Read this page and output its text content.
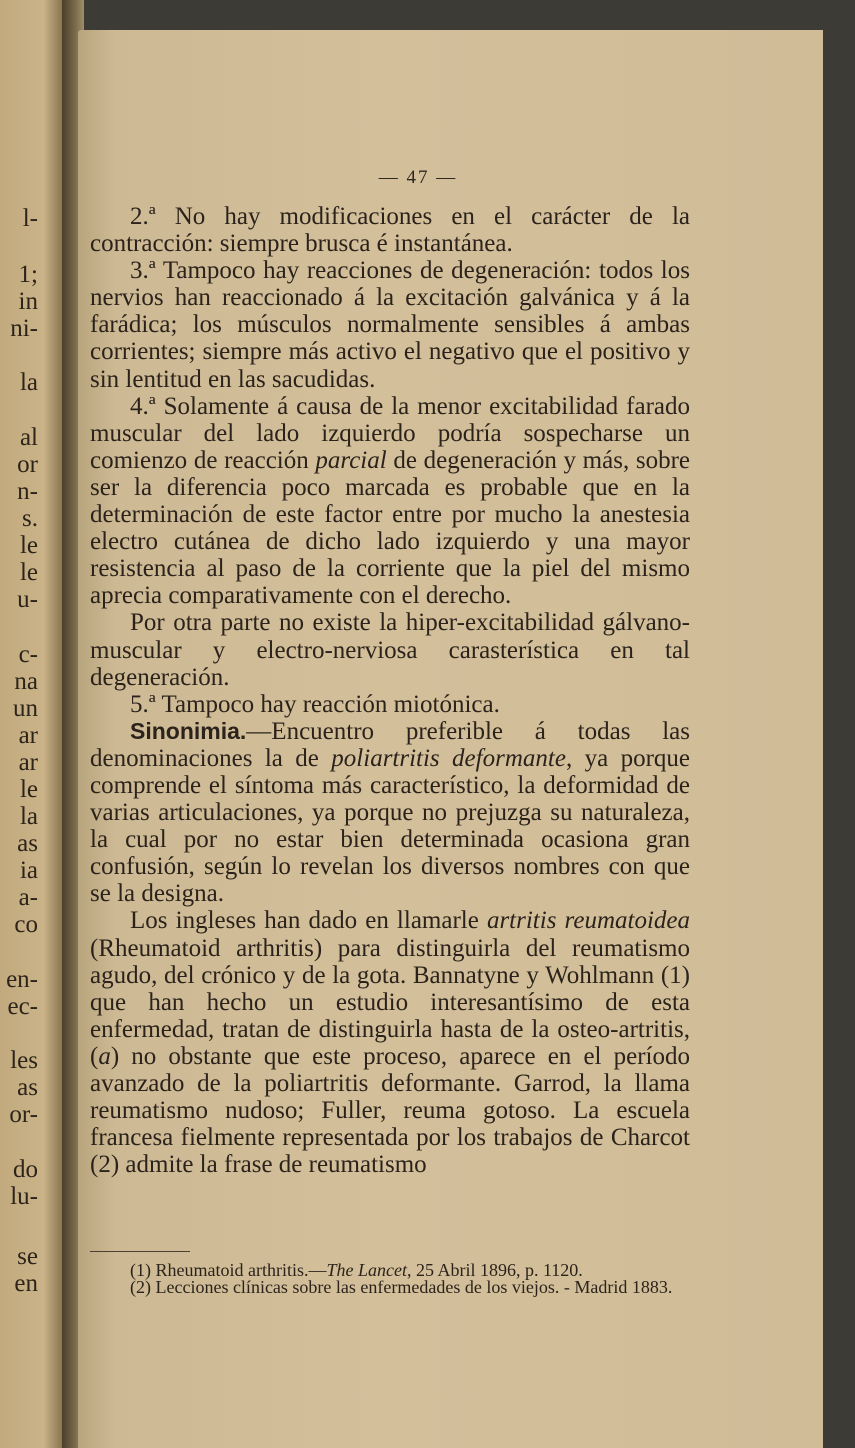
l-
1;
in
ni-
la
al
or
n-
s.
le
le
u-
c-
na
un
ar
ar
le
la
as
ia
a-
co
en-
ec-
les
as
or-
do
lu-
se
en
— 47 —

2.ª No hay modificaciones en el carácter de la contracción: siempre brusca é instantánea.

3.ª Tampoco hay reacciones de degeneración: todos los nervios han reaccionado á la excitación galvánica y á la farádica; los músculos normalmente sensibles á ambas corrientes; siempre más activo el negativo que el positivo y sin lentitud en las sacudidas.

4.ª Solamente á causa de la menor excitabilidad farado muscular del lado izquierdo podría sospecharse un comienzo de reacción parcial de degeneración y más, sobre ser la diferencia poco marcada es probable que en la determinación de este factor entre por mucho la anestesia electro cutánea de dicho lado izquierdo y una mayor resistencia al paso de la corriente que la piel del mismo aprecia comparativamente con el derecho.

Por otra parte no existe la hiper-excitabilidad gálvano-muscular y electro-nerviosa carasterística en tal degeneración.

5.ª Tampoco hay reacción miotónica.

Sinonimia.—Encuentro preferible á todas las denominaciones la de poliartritis deformante, ya porque comprende el síntoma más característico, la deformidad de varias articulaciones, ya porque no prejuzga su naturaleza, la cual por no estar bien determinada ocasiona gran confusión, según lo revelan los diversos nombres con que se la designa.

Los ingleses han dado en llamarle artritis reumatoidea (Rheumatoid arthritis) para distinguirla del reumatismo agudo, del crónico y de la gota. Bannatyne y Wohlmann (1) que han hecho un estudio interesantísimo de esta enfermedad, tratan de distinguirla hasta de la osteo-artritis, (a) no obstante que este proceso, aparece en el período avanzado de la poliartritis deformante. Garrod, la llama reumatismo nudoso; Fuller, reuma gotoso. La escuela francesa fielmente representada por los trabajos de Charcot (2) admite la frase de reumatismo

(1) Rheumatoid arthritis.—The Lancet, 25 Abril 1896, p. 1120.

(2) Lecciones clínicas sobre las enfermedades de los viejos. - Madrid 1883.
